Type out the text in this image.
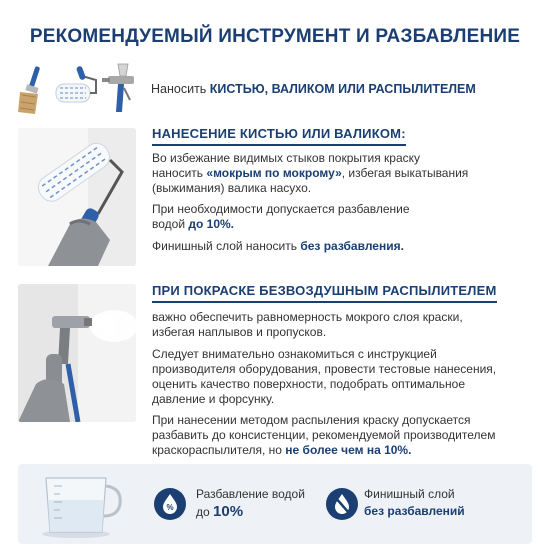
РЕКОМЕНДУЕМЫЙ ИНСТРУМЕНТ И РАЗБАВЛЕНИЕ
Наносить КИСТЬЮ, ВАЛИКОМ ИЛИ РАСПЫЛИТЕЛЕМ
НАНЕСЕНИЕ КИСТЬЮ ИЛИ ВАЛИКОМ:
Во избежание видимых стыков покрытия краску
наносить «мокрым по мокрому», избегая выкатывания
(выжимания) валика насухо.
При необходимости допускается разбавление
водой до 10%.
Финишный слой наносить без разбавления.
ПРИ ПОКРАСКЕ БЕЗВОЗДУШНЫМ РАСПЫЛИТЕЛЕМ
важно обеспечить равномерность мокрого слоя краски,
избегая наплывов и пропусков.
Следует внимательно ознакомиться с инструкцией
производителя оборудования, провести тестовые нанесения,
оценить качество поверхности, подобрать оптимальное
давление и форсунку.
При нанесении методом распыления краску допускается
разбавить до консистенции, рекомендуемой производителем
краскораспылителя, но не более чем на 10%.
%
Разбавление водой
до 10%
Финишный слой
без разбавлений
